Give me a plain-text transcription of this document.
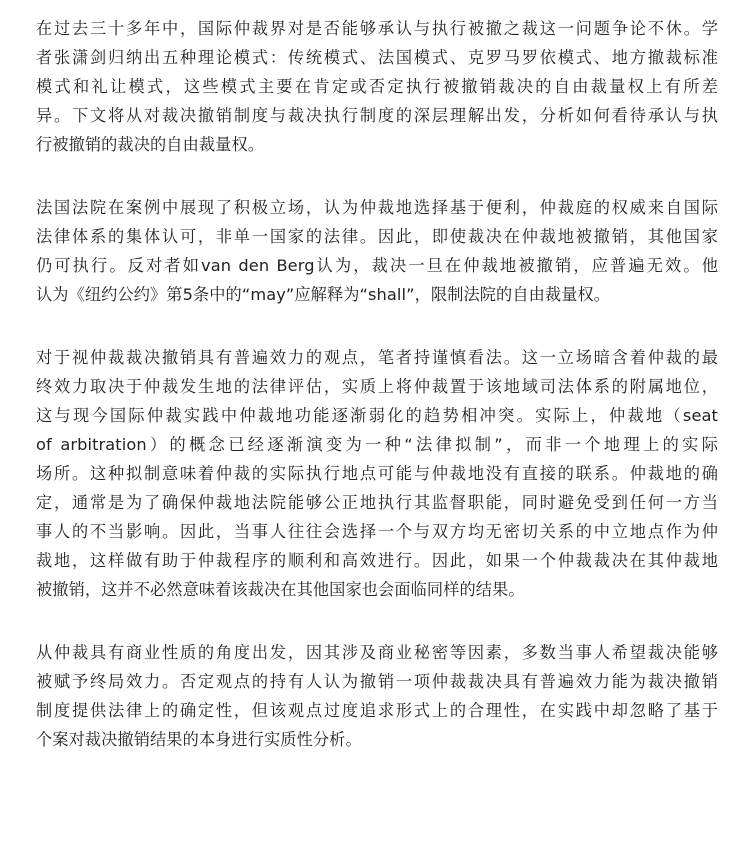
在过去三十多年中，国际仲裁界对是否能够承认与执行被撤之裁这一问题争论不休。学
者张潇剑归纳出五种理论模式：传统模式、法国模式、克罗马罗依模式、地方撤裁标准
模式和礼让模式，这些模式主要在肯定或否定执行被撤销裁决的自由裁量权上有所差
异。下文将从对裁决撤销制度与裁决执行制度的深层理解出发，分析如何看待承认与执
行被撤销的裁决的自由裁量权。

法国法院在案例中展现了积极立场，认为仲裁地选择基于便利，仲裁庭的权威来自国际
法律体系的集体认可，非单一国家的法律。因此，即使裁决在仲裁地被撤销，其他国家
仍可执行。反对者如van den Berg认为，裁决一旦在仲裁地被撤销，应普遍无效。他
认为《纽约公约》第5条中的“may”应解释为“shall”，限制法院的自由裁量权。

对于视仲裁裁决撤销具有普遍效力的观点，笔者持谨慎看法。这一立场暗含着仲裁的最
终效力取决于仲裁发生地的法律评估，实质上将仲裁置于该地域司法体系的附属地位，
这与现今国际仲裁实践中仲裁地功能逐渐弱化的趋势相冲突。实际上，仲裁地（seat
of arbitration）的概念已经逐渐演变为一种“法律拟制”，而非一个地理上的实际
场所。这种拟制意味着仲裁的实际执行地点可能与仲裁地没有直接的联系。仲裁地的确
定，通常是为了确保仲裁地法院能够公正地执行其监督职能，同时避免受到任何一方当
事人的不当影响。因此，当事人往往会选择一个与双方均无密切关系的中立地点作为仲
裁地，这样做有助于仲裁程序的顺利和高效进行。因此，如果一个仲裁裁决在其仲裁地
被撤销，这并不必然意味着该裁决在其他国家也会面临同样的结果。

从仲裁具有商业性质的角度出发，因其涉及商业秘密等因素，多数当事人希望裁决能够
被赋予终局效力。否定观点的持有人认为撤销一项仲裁裁决具有普遍效力能为裁决撤销
制度提供法律上的确定性，但该观点过度追求形式上的合理性，在实践中却忽略了基于
个案对裁决撤销结果的本身进行实质性分析。
